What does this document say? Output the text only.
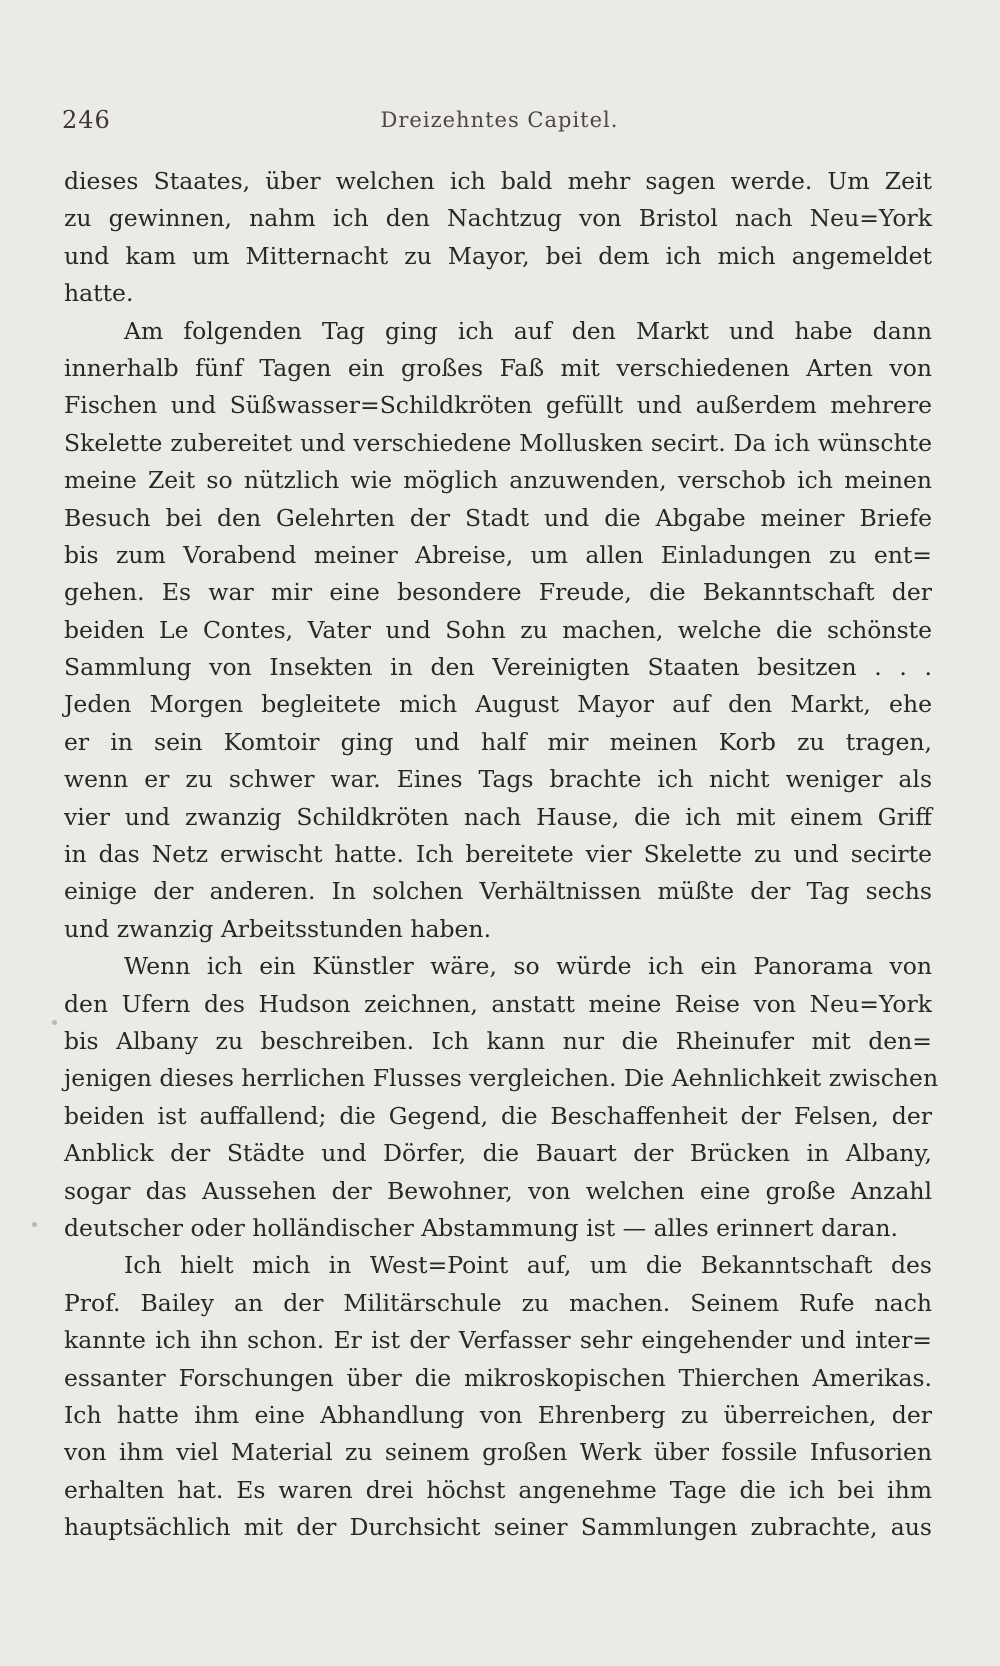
246	Dreizehntes Capitel.
dieses Staates, über welchen ich bald mehr sagen werde. Um Zeit
zu gewinnen, nahm ich den Nachtzug von Bristol nach Neu=York
und kam um Mitternacht zu Mayor, bei dem ich mich angemeldet
hatte.
Am folgenden Tag ging ich auf den Markt und habe dann
innerhalb fünf Tagen ein großes Faß mit verschiedenen Arten von
Fischen und Süßwasser=Schildkröten gefüllt und außerdem mehrere
Skelette zubereitet und verschiedene Mollusken secirt. Da ich wünschte
meine Zeit so nützlich wie möglich anzuwenden, verschob ich meinen
Besuch bei den Gelehrten der Stadt und die Abgabe meiner Briefe
bis zum Vorabend meiner Abreise, um allen Einladungen zu ent=
gehen. Es war mir eine besondere Freude, die Bekanntschaft der
beiden Le Contes, Vater und Sohn zu machen, welche die schönste
Sammlung von Insekten in den Vereinigten Staaten besitzen . . .
Jeden Morgen begleitete mich August Mayor auf den Markt, ehe
er in sein Komtoir ging und half mir meinen Korb zu tragen,
wenn er zu schwer war. Eines Tags brachte ich nicht weniger als
vier und zwanzig Schildkröten nach Hause, die ich mit einem Griff
in das Netz erwischt hatte. Ich bereitete vier Skelette zu und secirte
einige der anderen. In solchen Verhältnissen müßte der Tag sechs
und zwanzig Arbeitsstunden haben.
Wenn ich ein Künstler wäre, so würde ich ein Panorama von
den Ufern des Hudson zeichnen, anstatt meine Reise von Neu=York
bis Albany zu beschreiben. Ich kann nur die Rheinufer mit den=
jenigen dieses herrlichen Flusses vergleichen. Die Aehnlichkeit zwischen
beiden ist auffallend; die Gegend, die Beschaffenheit der Felsen, der
Anblick der Städte und Dörfer, die Bauart der Brücken in Albany,
sogar das Aussehen der Bewohner, von welchen eine große Anzahl
deutscher oder holländischer Abstammung ist — alles erinnert daran.
Ich hielt mich in West=Point auf, um die Bekanntschaft des
Prof. Bailey an der Militärschule zu machen. Seinem Rufe nach
kannte ich ihn schon. Er ist der Verfasser sehr eingehender und inter=
essanter Forschungen über die mikroskopischen Thierchen Amerikas.
Ich hatte ihm eine Abhandlung von Ehrenberg zu überreichen, der
von ihm viel Material zu seinem großen Werk über fossile Infusorien
erhalten hat. Es waren drei höchst angenehme Tage die ich bei ihm
hauptsächlich mit der Durchsicht seiner Sammlungen zubrachte, aus
